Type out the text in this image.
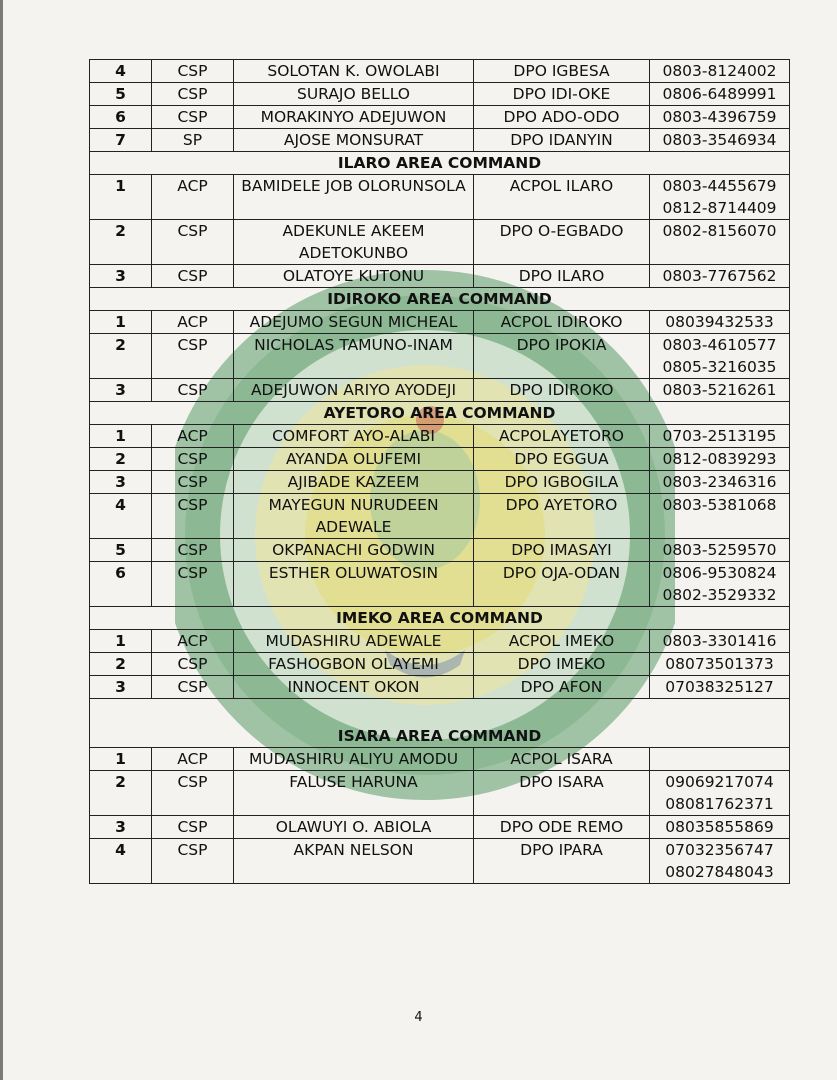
4	CSP	SOLOTAN K. OWOLABI	DPO IGBESA	0803-8124002
5	CSP	SURAJO BELLO	DPO IDI-OKE	0806-6489991
6	CSP	MORAKINYO ADEJUWON	DPO ADO-ODO	0803-4396759
7	SP	AJOSE MONSURAT	DPO IDANYIN	0803-3546934
ILARO AREA COMMAND				
1	ACP	BAMIDELE JOB OLORUNSOLA	ACPOL ILARO	0803-4455679
0812-8714409
2	CSP	ADEKUNLE AKEEM ADETOKUNBO	DPO O-EGBADO	0802-8156070
3	CSP	OLATOYE KUTONU	DPO ILARO	0803-7767562
IDIROKO AREA COMMAND				
1	ACP	ADEJUMO SEGUN MICHEAL	ACPOL IDIROKO	08039432533
2	CSP	NICHOLAS TAMUNO-INAM	DPO IPOKIA	0803-4610577
0805-3216035
3	CSP	ADEJUWON ARIYO AYODEJI	DPO IDIROKO	0803-5216261
AYETORO AREA COMMAND				
1	ACP	COMFORT AYO-ALABI	ACPOLAYETORO	0703-2513195
2	CSP	AYANDA OLUFEMI	DPO EGGUA	0812-0839293
3	CSP	AJIBADE KAZEEM	DPO IGBOGILA	0803-2346316
4	CSP	MAYEGUN NURUDEEN ADEWALE	DPO AYETORO	0803-5381068
5	CSP	OKPANACHI GODWIN	DPO IMASAYI	0803-5259570
6	CSP	ESTHER OLUWATOSIN	DPO OJA-ODAN	0806-9530824
0802-3529332
IMEKO AREA COMMAND				
1	ACP	MUDASHIRU ADEWALE	ACPOL IMEKO	0803-3301416
2	CSP	FASHOGBON OLAYEMI	DPO IMEKO	08073501373
3	CSP	INNOCENT OKON	DPO AFON	07038325127
ISARA AREA COMMAND				
1	ACP	MUDASHIRU ALIYU AMODU	ACPOL ISARA	
2	CSP	FALUSE HARUNA	DPO ISARA	09069217074
08081762371
3	CSP	OLAWUYI O. ABIOLA	DPO ODE REMO	08035855869
4	CSP	AKPAN NELSON	DPO IPARA	07032356747
08027848043
4
